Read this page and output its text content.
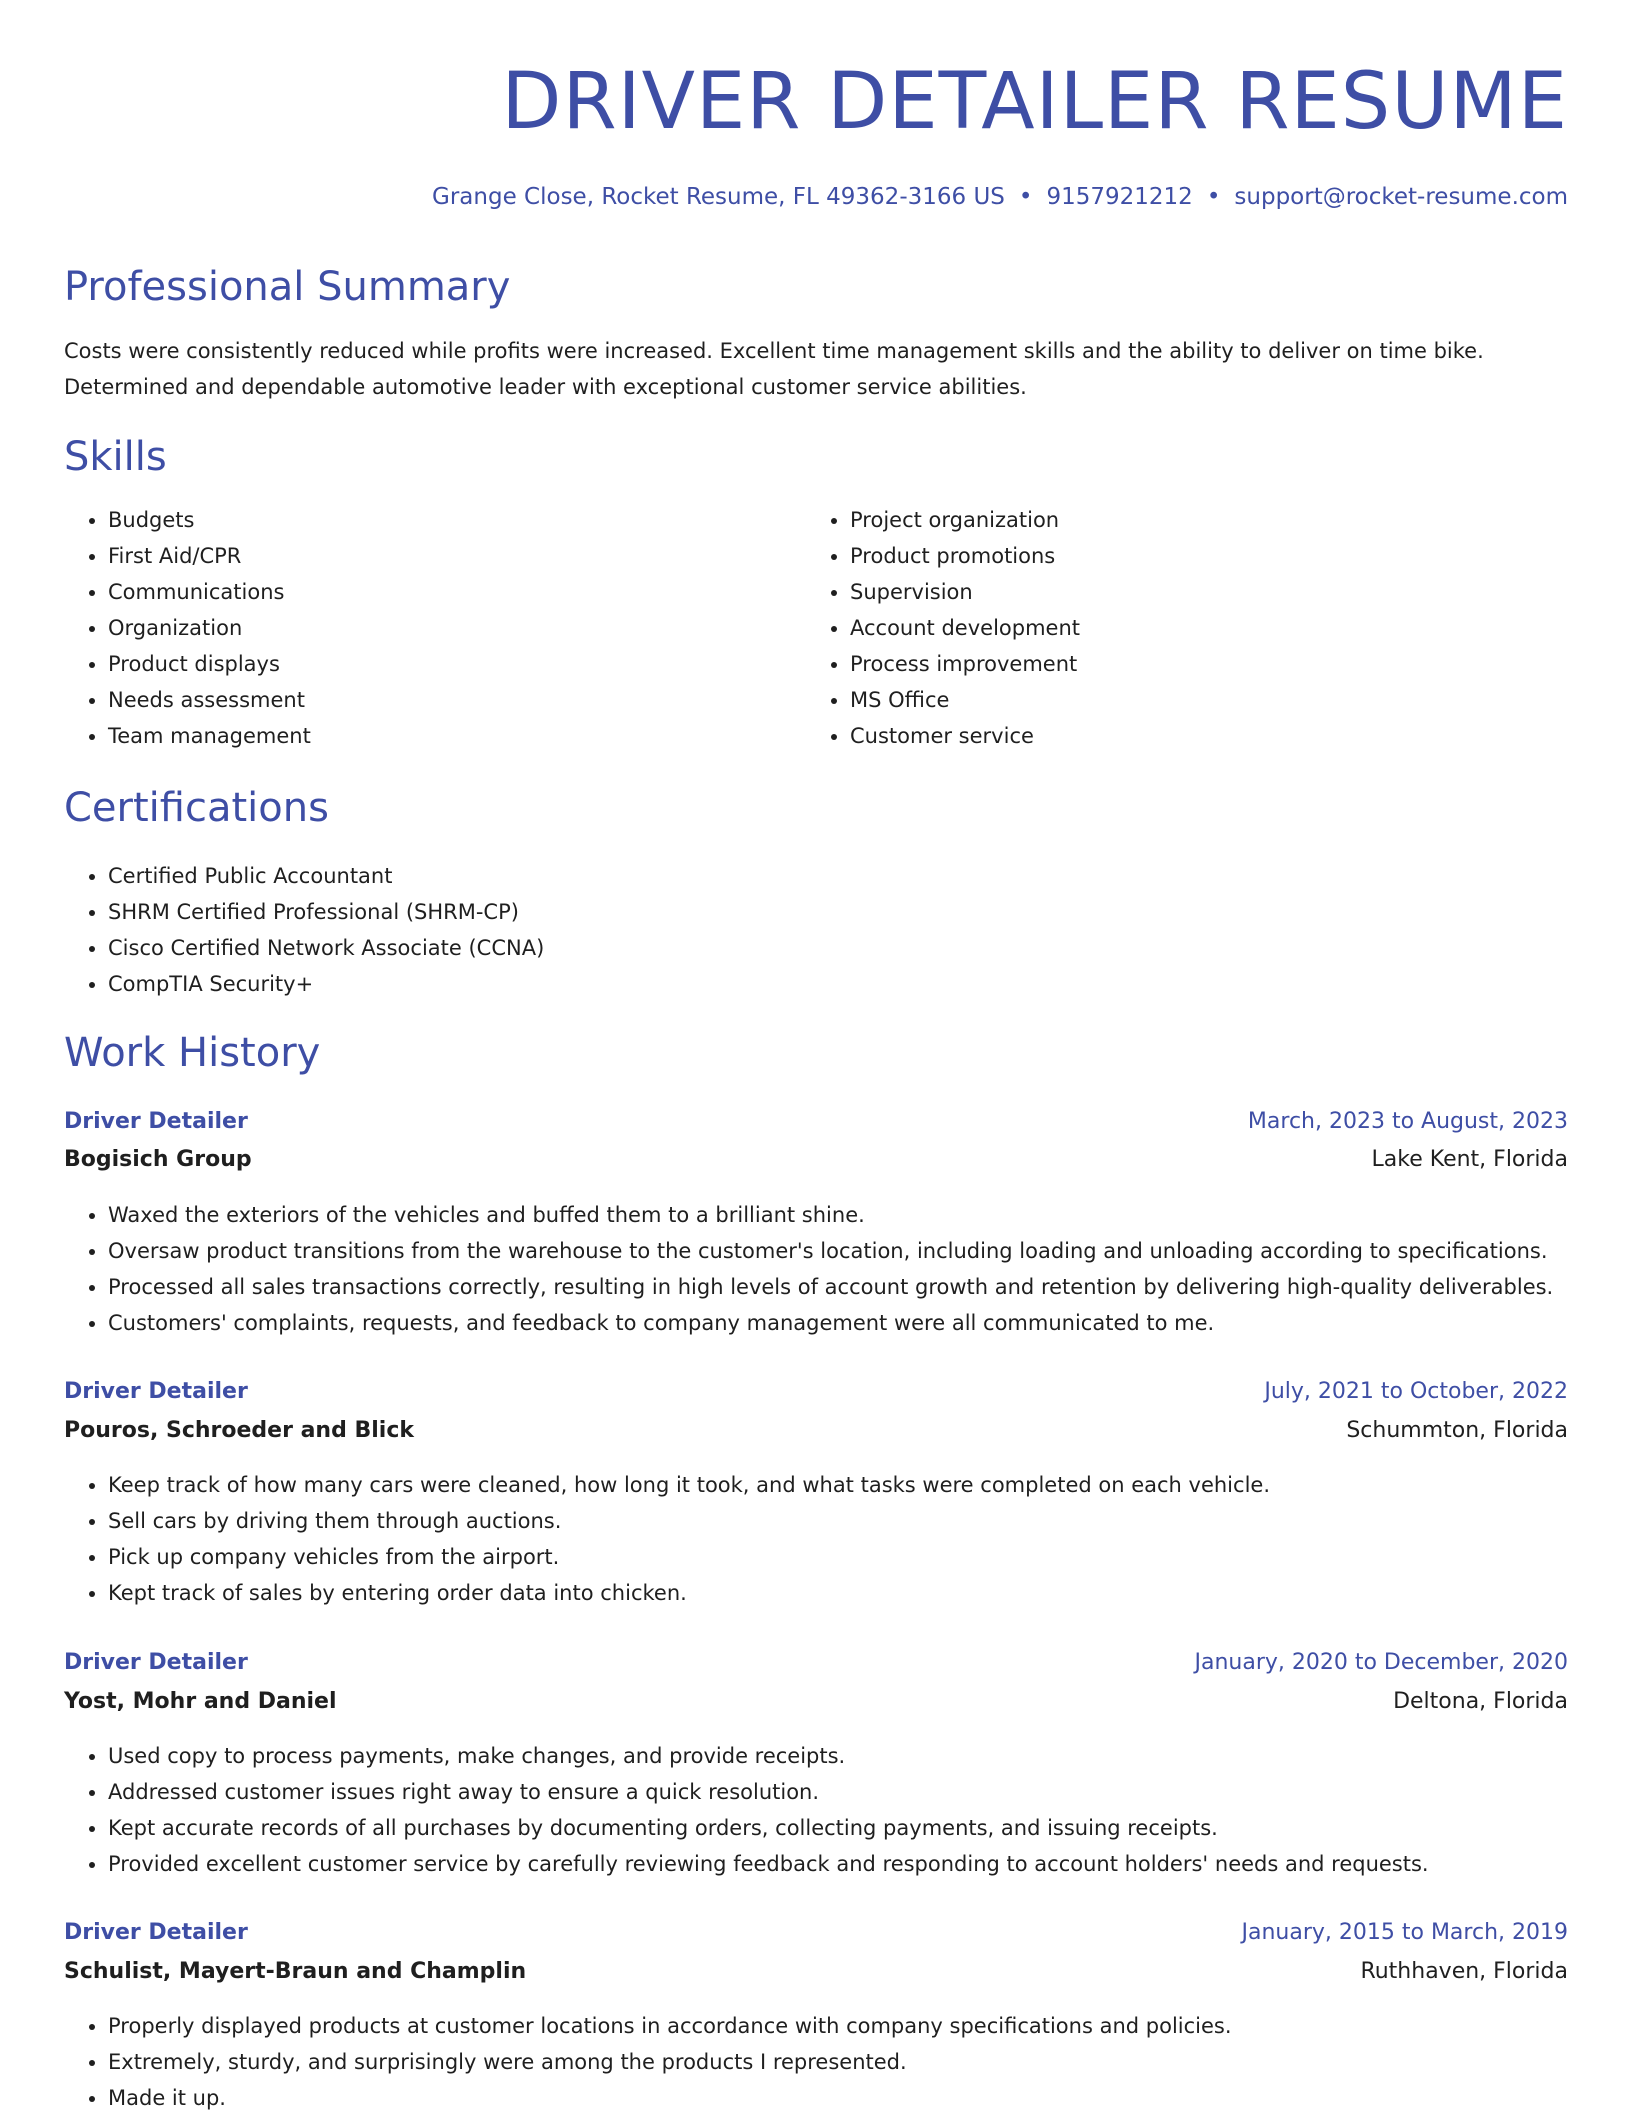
DRIVER DETAILER RESUME
Grange Close, Rocket Resume, FL 49362-3166 US • 9157921212 • support@rocket-resume.com
Professional Summary

Costs were consistently reduced while profits were increased. Excellent time management skills and the ability to deliver on time bike. Determined and dependable automotive leader with exceptional customer service abilities.

Skills
• Budgets
• First Aid/CPR
• Communications
• Organization
• Product displays
• Needs assessment
• Team management
• Project organization
• Product promotions
• Supervision
• Account development
• Process improvement
• MS Office
• Customer service
Certifications
• Certified Public Accountant
• SHRM Certified Professional (SHRM-CP)
• Cisco Certified Network Associate (CCNA)
• CompTIA Security+
Work History
Driver Detailer	March, 2023 to August, 2023
Bogisich Group	Lake Kent, Florida
• Waxed the exteriors of the vehicles and buffed them to a brilliant shine.
• Oversaw product transitions from the warehouse to the customer's location, including loading and unloading according to specifications.
• Processed all sales transactions correctly, resulting in high levels of account growth and retention by delivering high-quality deliverables.
• Customers' complaints, requests, and feedback to company management were all communicated to me.
Driver Detailer	July, 2021 to October, 2022
Pouros, Schroeder and Blick	Schummton, Florida
• Keep track of how many cars were cleaned, how long it took, and what tasks were completed on each vehicle.
• Sell cars by driving them through auctions.
• Pick up company vehicles from the airport.
• Kept track of sales by entering order data into chicken.
Driver Detailer	January, 2020 to December, 2020
Yost, Mohr and Daniel	Deltona, Florida
• Used copy to process payments, make changes, and provide receipts.
• Addressed customer issues right away to ensure a quick resolution.
• Kept accurate records of all purchases by documenting orders, collecting payments, and issuing receipts.
• Provided excellent customer service by carefully reviewing feedback and responding to account holders' needs and requests.
Driver Detailer	January, 2015 to March, 2019
Schulist, Mayert-Braun and Champlin	Ruthhaven, Florida
• Properly displayed products at customer locations in accordance with company specifications and policies.
• Extremely, sturdy, and surprisingly were among the products I represented.
• Made it up.
